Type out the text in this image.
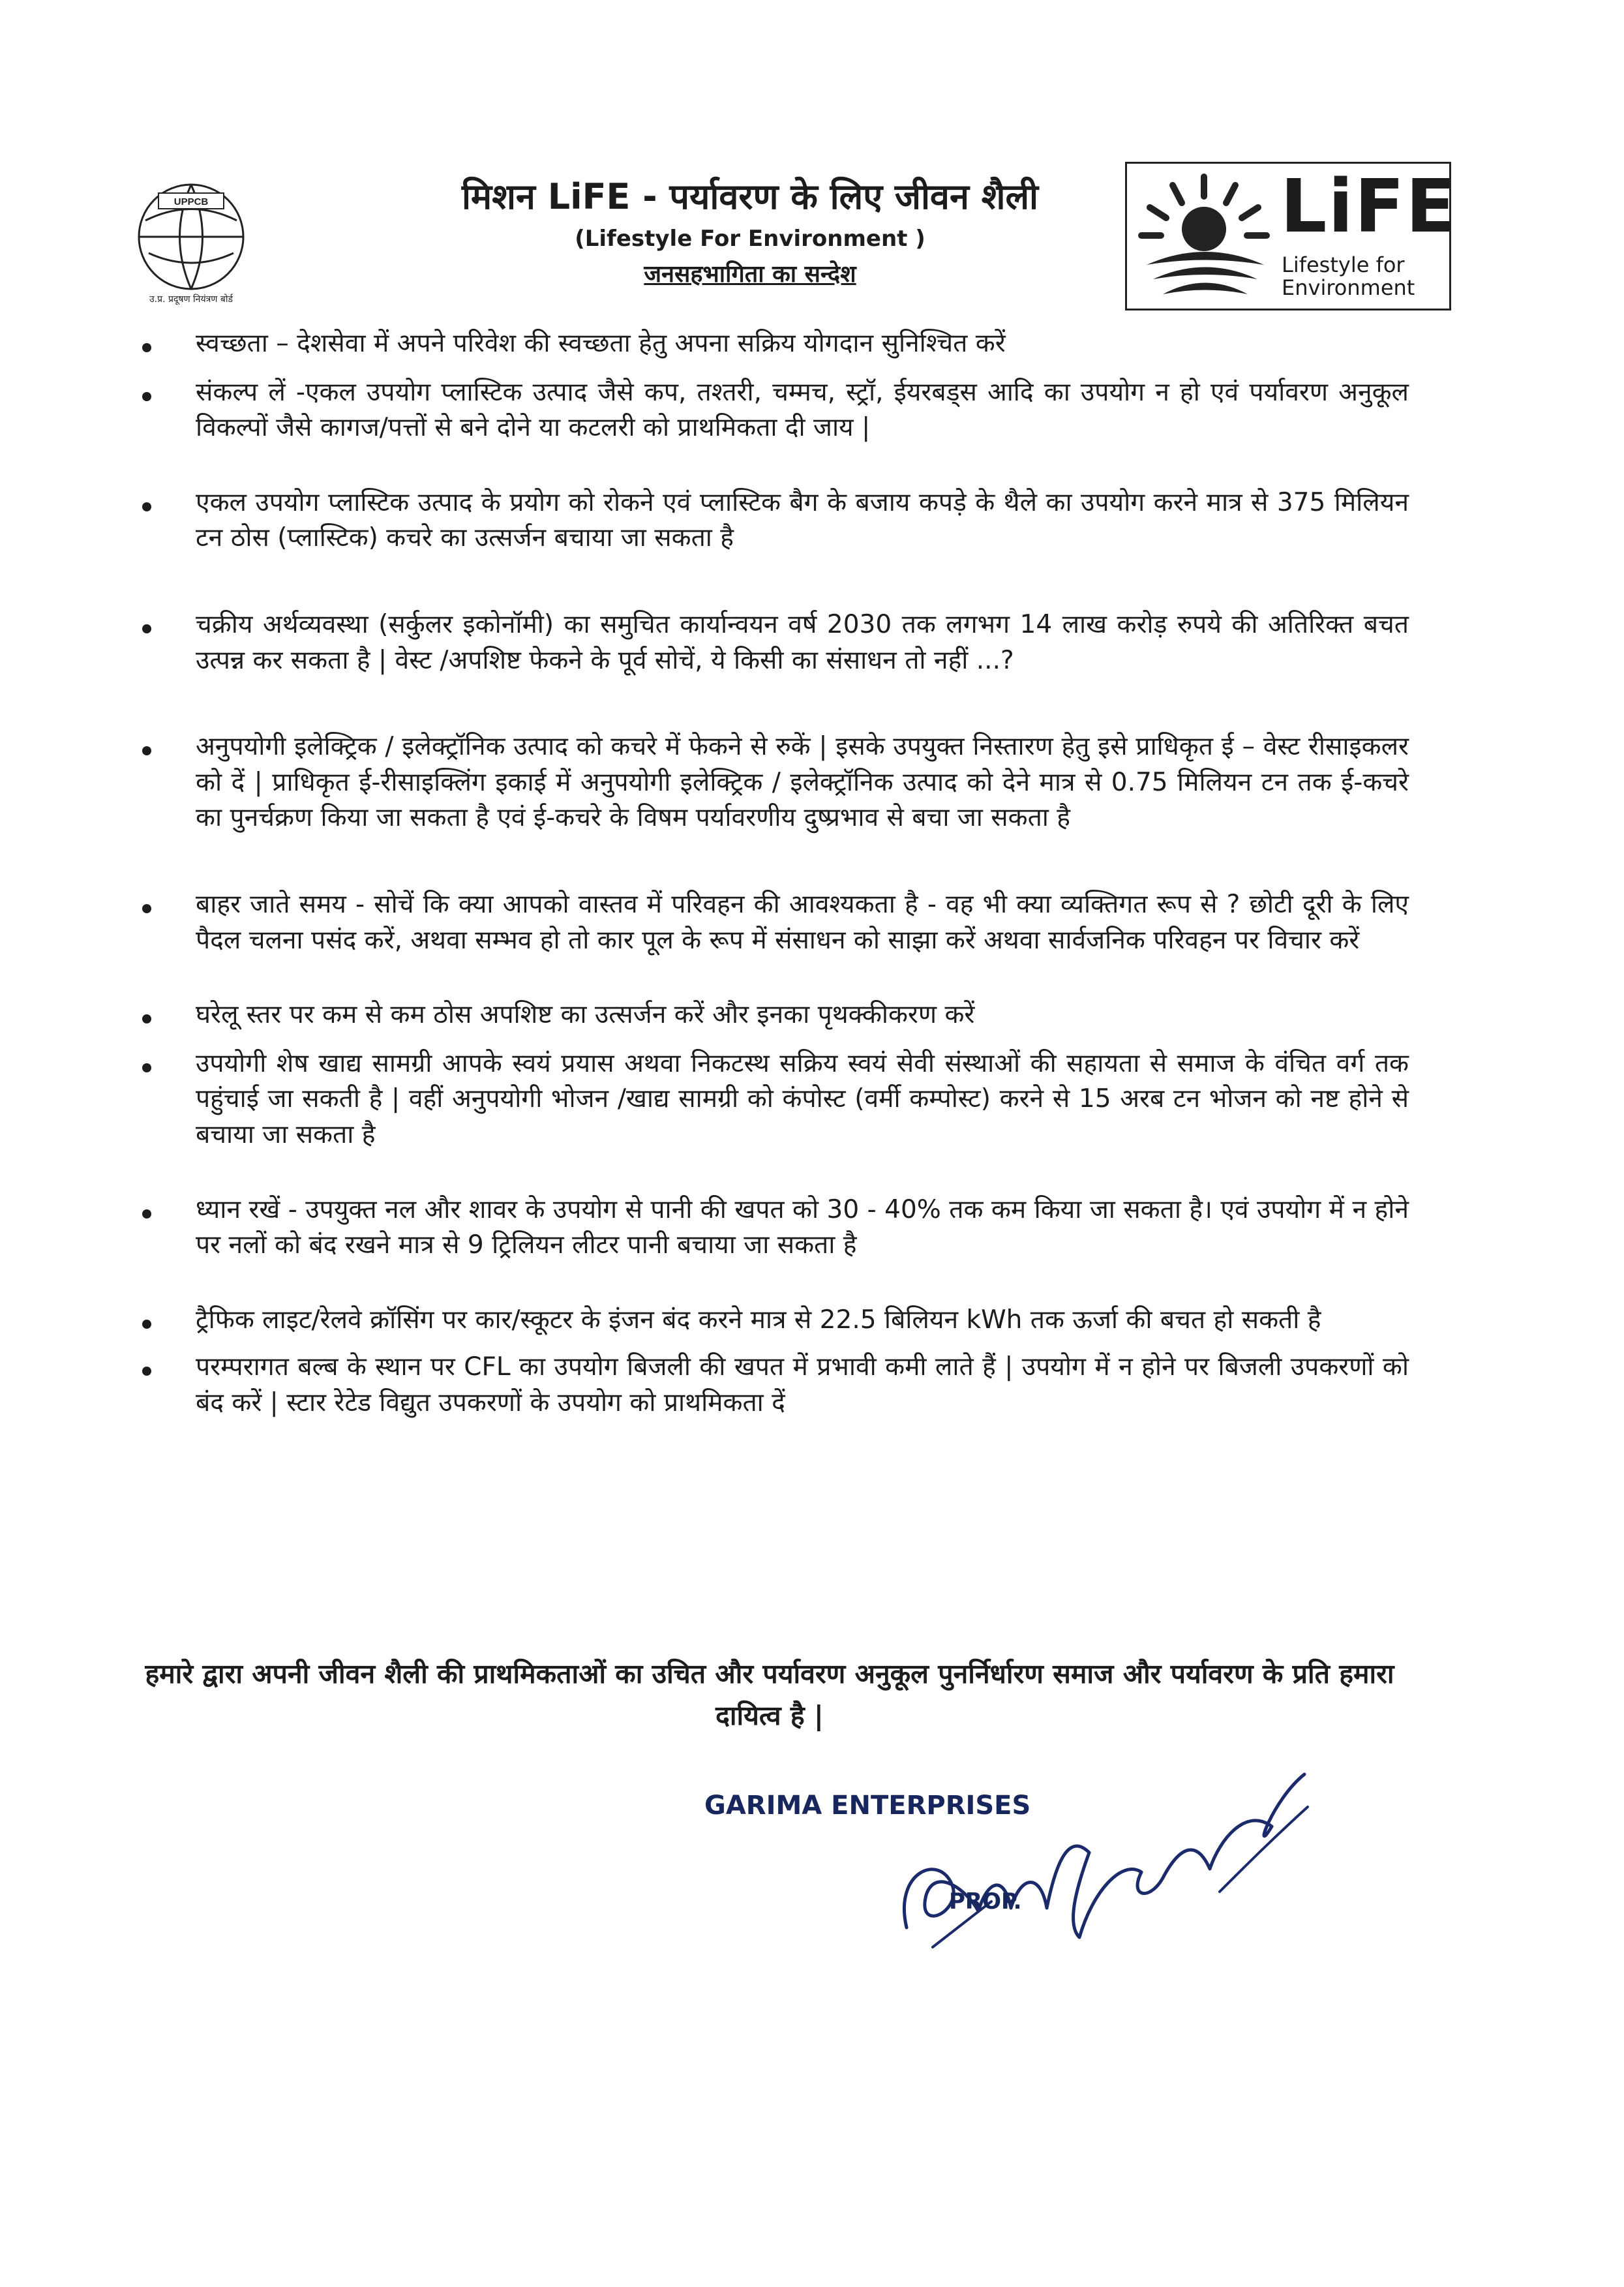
UPPCB
उ.प्र. प्रदूषण नियंत्रण बोर्ड
मिशन LiFE - पर्यावरण के लिए जीवन शैली

(Lifestyle For Environment )

जनसहभागिता का सन्देश

LiFE
Lifestyle for
Environment
स्वच्छता – देशसेवा में अपने परिवेश की स्वच्छता हेतु अपना सक्रिय योगदान सुनिश्चित करें
संकल्प लें -एकल उपयोग प्लास्टिक उत्पाद जैसे कप, तश्तरी, चम्मच, स्ट्रॉ, ईयरबड्स आदि का उपयोग न हो एवं पर्यावरण अनुकूल विकल्पों जैसे कागज/पत्तों से बने दोने या कटलरी को प्राथमिकता दी जाय |
एकल उपयोग प्लास्टिक उत्पाद के प्रयोग को रोकने एवं प्लास्टिक बैग के बजाय कपड़े के थैले का उपयोग करने मात्र से 375 मिलियन टन ठोस (प्लास्टिक) कचरे का उत्सर्जन बचाया जा सकता है
चक्रीय अर्थव्यवस्था (सर्कुलर इकोनॉमी) का समुचित कार्यान्वयन वर्ष 2030 तक लगभग 14 लाख करोड़ रुपये की अतिरिक्त बचत उत्पन्न कर सकता है | वेस्ट /अपशिष्ट फेकने के पूर्व सोचें, ये किसी का संसाधन तो नहीं ...?
अनुपयोगी इलेक्ट्रिक / इलेक्ट्रॉनिक उत्पाद को कचरे में फेकने से रुकें | इसके उपयुक्त निस्तारण हेतु इसे प्राधिकृत ई – वेस्ट रीसाइकलर को दें | प्राधिकृत ई-रीसाइक्लिंग इकाई में अनुपयोगी इलेक्ट्रिक / इलेक्ट्रॉनिक उत्पाद को देने मात्र से 0.75 मिलियन टन तक ई-कचरे का पुनर्चक्रण किया जा सकता है एवं ई-कचरे के विषम पर्यावरणीय दुष्प्रभाव से बचा जा सकता है
बाहर जाते समय - सोचें कि क्या आपको वास्तव में परिवहन की आवश्यकता है - वह भी क्या व्यक्तिगत रूप से ? छोटी दूरी के लिए पैदल चलना पसंद करें, अथवा सम्भव हो तो कार पूल के रूप में संसाधन को साझा करें अथवा सार्वजनिक परिवहन पर विचार करें
घरेलू स्तर पर कम से कम ठोस अपशिष्ट का उत्सर्जन करें और इनका पृथक्कीकरण करें
उपयोगी शेष खाद्य सामग्री आपके स्वयं प्रयास अथवा निकटस्थ सक्रिय स्वयं सेवी संस्थाओं की सहायता से समाज के वंचित वर्ग तक पहुंचाई जा सकती है | वहीं अनुपयोगी भोजन /खाद्य सामग्री को कंपोस्ट (वर्मी कम्पोस्ट) करने से 15 अरब टन भोजन को नष्ट होने से बचाया जा सकता है
ध्यान रखें - उपयुक्त नल और शावर के उपयोग से पानी की खपत को 30 - 40% तक कम किया जा सकता है। एवं उपयोग में न होने पर नलों को बंद रखने मात्र से 9 ट्रिलियन लीटर पानी बचाया जा सकता है
ट्रैफिक लाइट/रेलवे क्रॉसिंग पर कार/स्कूटर के इंजन बंद करने मात्र से 22.5 बिलियन kWh तक ऊर्जा की बचत हो सकती है
परम्परागत बल्ब के स्थान पर CFL का उपयोग बिजली की खपत में प्रभावी कमी लाते हैं | उपयोग में न होने पर बिजली उपकरणों को बंद करें | स्टार रेटेड विद्युत उपकरणों के उपयोग को प्राथमिकता दें
हमारे द्वारा अपनी जीवन शैली की प्राथमिकताओं का उचित और पर्यावरण अनुकूल पुनर्निर्धारण समाज और पर्यावरण के प्रति हमारा दायित्व है |
GARIMA ENTERPRISES
PROP.
